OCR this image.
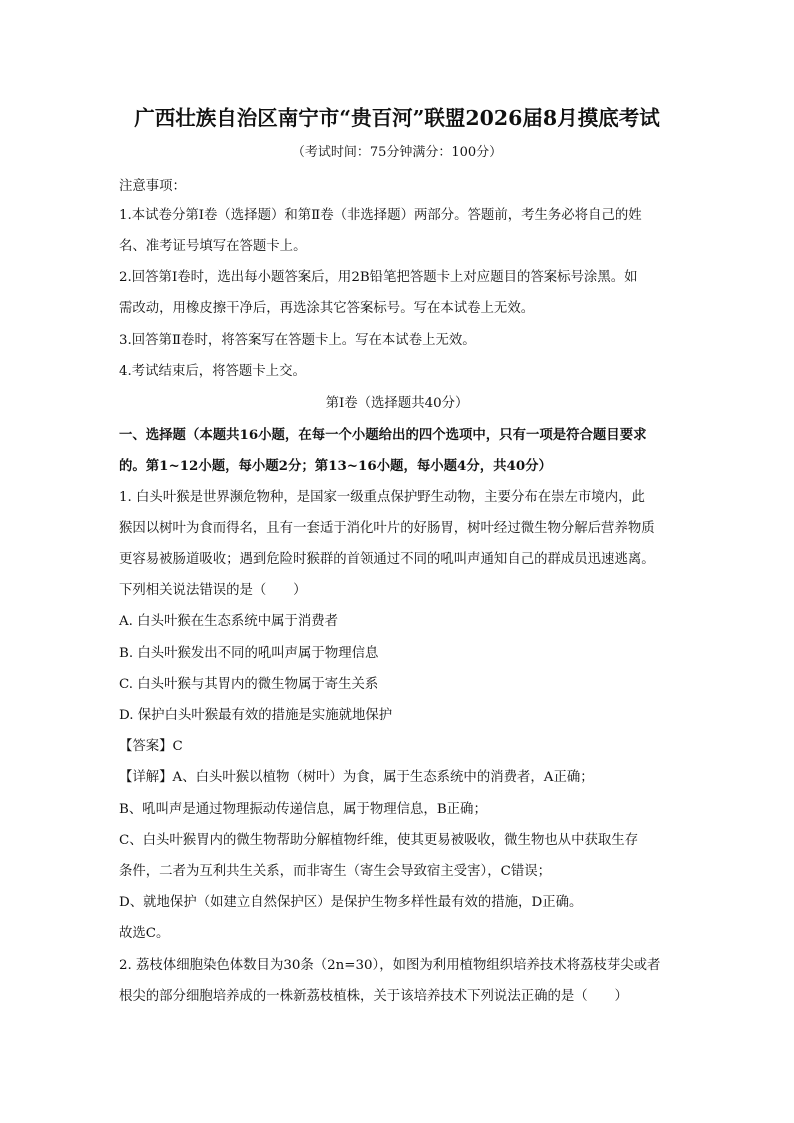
广西壮族自治区南宁市“贵百河”联盟2026届8月摸底考试
（考试时间：75分钟满分：100分）
注意事项：
1.本试卷分第Ⅰ卷（选择题）和第Ⅱ卷（非选择题）两部分。答题前，考生务必将自己的姓
名、准考证号填写在答题卡上。
2.回答第Ⅰ卷时，选出每小题答案后，用2B铅笔把答题卡上对应题目的答案标号涂黑。如
需改动，用橡皮擦干净后，再选涂其它答案标号。写在本试卷上无效。
3.回答第Ⅱ卷时，将答案写在答题卡上。写在本试卷上无效。
4.考试结束后，将答题卡上交。
第Ⅰ卷（选择题共40分）
一、选择题（本题共16小题，在每一个小题给出的四个选项中，只有一项是符合题目要求
的。第1~12小题，每小题2分；第13~16小题，每小题4分，共40分）
1. 白头叶猴是世界濒危物种，是国家一级重点保护野生动物，主要分布在崇左市境内，此
猴因以树叶为食而得名，且有一套适于消化叶片的好肠胃，树叶经过微生物分解后营养物质
更容易被肠道吸收；遇到危险时猴群的首领通过不同的吼叫声通知自己的群成员迅速逃离。
下列相关说法错误的是（　　）
A. 白头叶猴在生态系统中属于消费者
B. 白头叶猴发出不同的吼叫声属于物理信息
C. 白头叶猴与其胃内的微生物属于寄生关系
D. 保护白头叶猴最有效的措施是实施就地保护
【答案】C
【详解】A、白头叶猴以植物（树叶）为食，属于生态系统中的消费者，A正确；
B、吼叫声是通过物理振动传递信息，属于物理信息，B正确；
C、白头叶猴胃内的微生物帮助分解植物纤维，使其更易被吸收，微生物也从中获取生存
条件，二者为互利共生关系，而非寄生（寄生会导致宿主受害），C错误；
D、就地保护（如建立自然保护区）是保护生物多样性最有效的措施，D正确。
故选C。
2. 荔枝体细胞染色体数目为30条（2n=30），如图为利用植物组织培养技术将荔枝芽尖或者
根尖的部分细胞培养成的一株新荔枝植株，关于该培养技术下列说法正确的是（　　）
